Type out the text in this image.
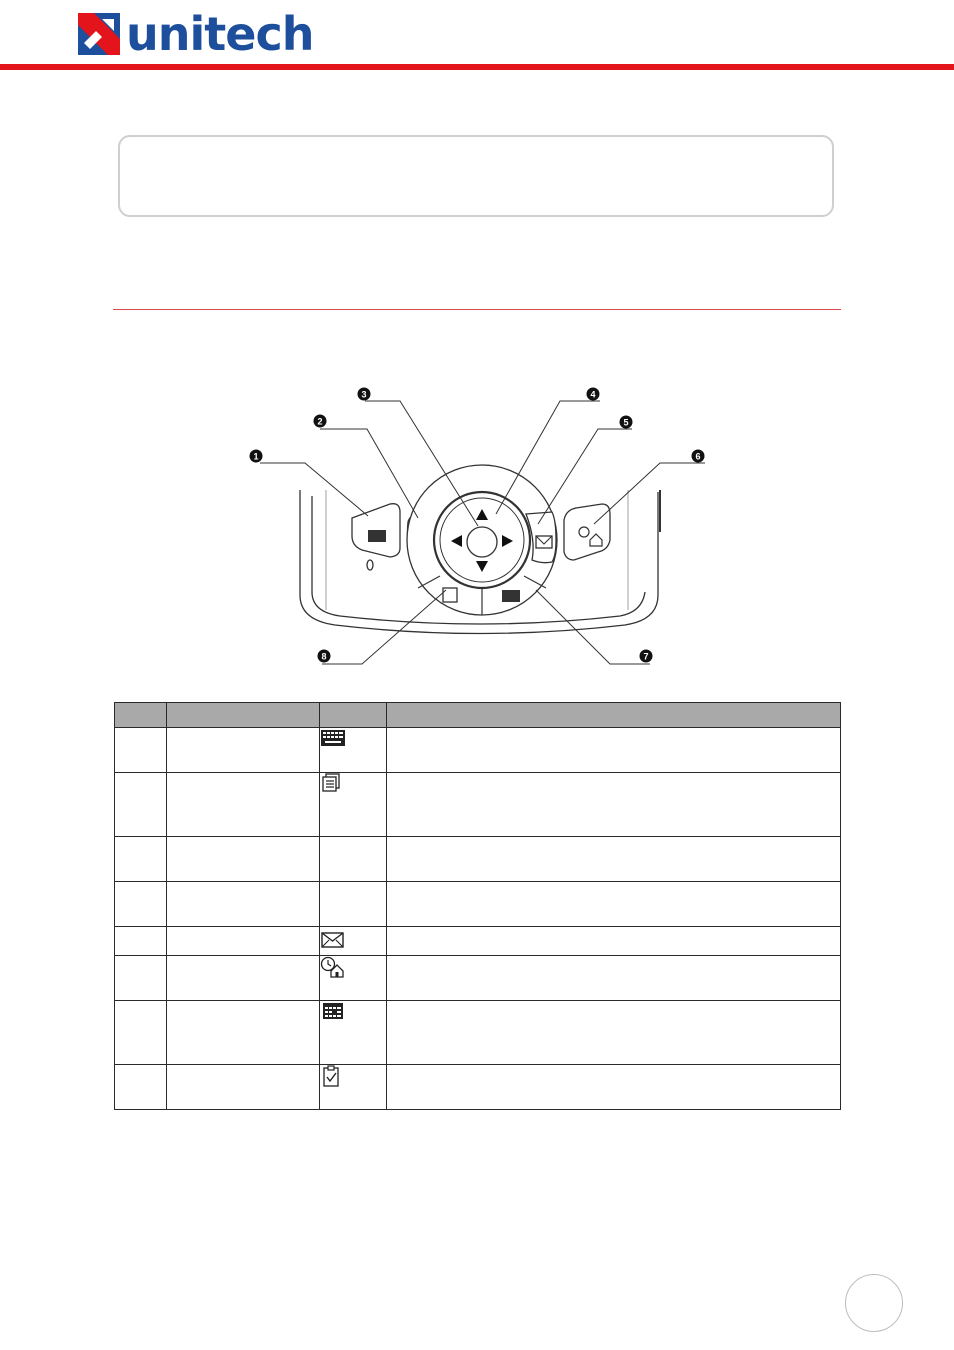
unitech
1
2
3	4
5
6
7
8
